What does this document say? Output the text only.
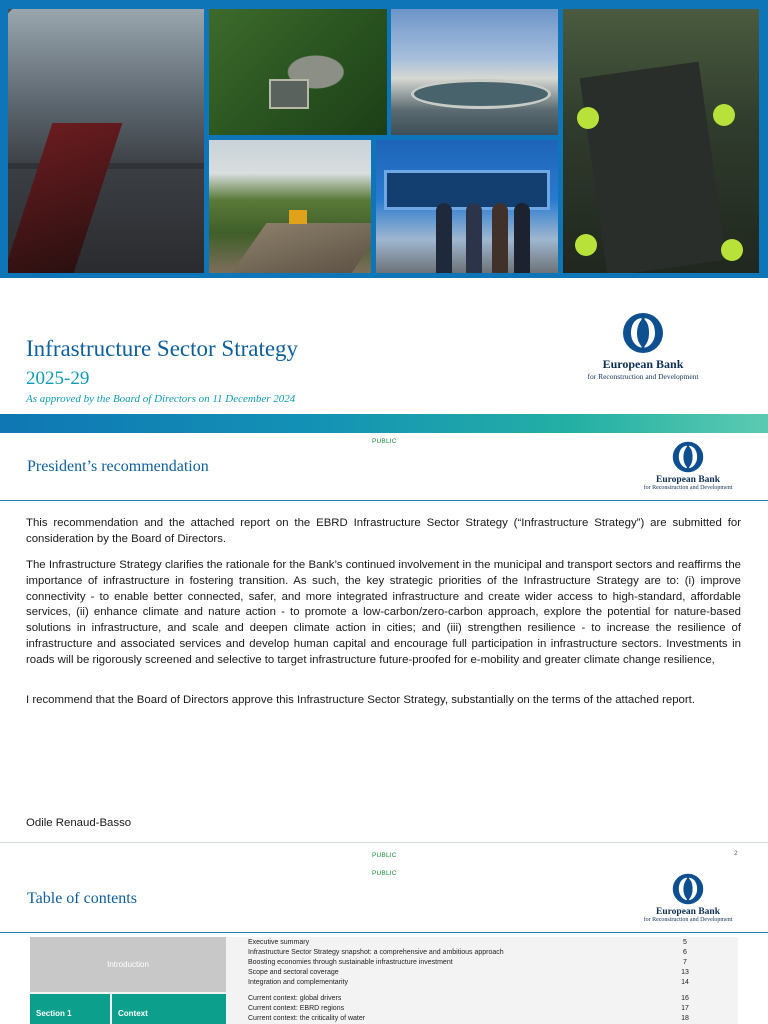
Infrastructure Sector Strategy
2025-29
As approved by the Board of Directors on 11 December 2024
European Bank
for Reconstruction and Development
PUBLIC
President’s recommendation
European Bank
for Reconstruction and Development

This recommendation and the attached report on the EBRD Infrastructure Sector Strategy (“Infrastructure Strategy”) are submitted for consideration by the Board of Directors.

The Infrastructure Strategy clarifies the rationale for the Bank’s continued involvement in the municipal and transport sectors and reaffirms the importance of infrastructure in fostering transition. As such, the key strategic priorities of the Infrastructure Strategy are to: (i) improve connectivity - to enable better connected, safer, and more integrated infrastructure and create wider access to high-standard, affordable services, (ii) enhance climate and nature action - to promote a low-carbon/zero-carbon approach, explore the potential for nature-based solutions in infrastructure, and scale and deepen climate action in cities; and (iii) strengthen resilience - to increase the resilience of infrastructure and associated services and develop human capital and encourage full participation in infrastructure sectors. Investments in roads will be rigorously screened and selective to target infrastructure future-proofed for e-mobility and greater climate change resilience,

I recommend that the Board of Directors approve this Infrastructure Sector Strategy, substantially on the terms of the attached report.

Odile Renaud-Basso
PUBLIC	2
PUBLIC
Table of contents
European Bank
for Reconstruction and Development
Introduction
Section 1	Context
Executive summary	5
Infrastructure Sector Strategy snapshot: a comprehensive and ambitious approach	6
Boosting economies through sustainable infrastructure investment	7
Scope and sectoral coverage	13
Integration and complementarity	14
Current context: global drivers	16
Current context: EBRD regions	17
Current context: the criticality of water	18
